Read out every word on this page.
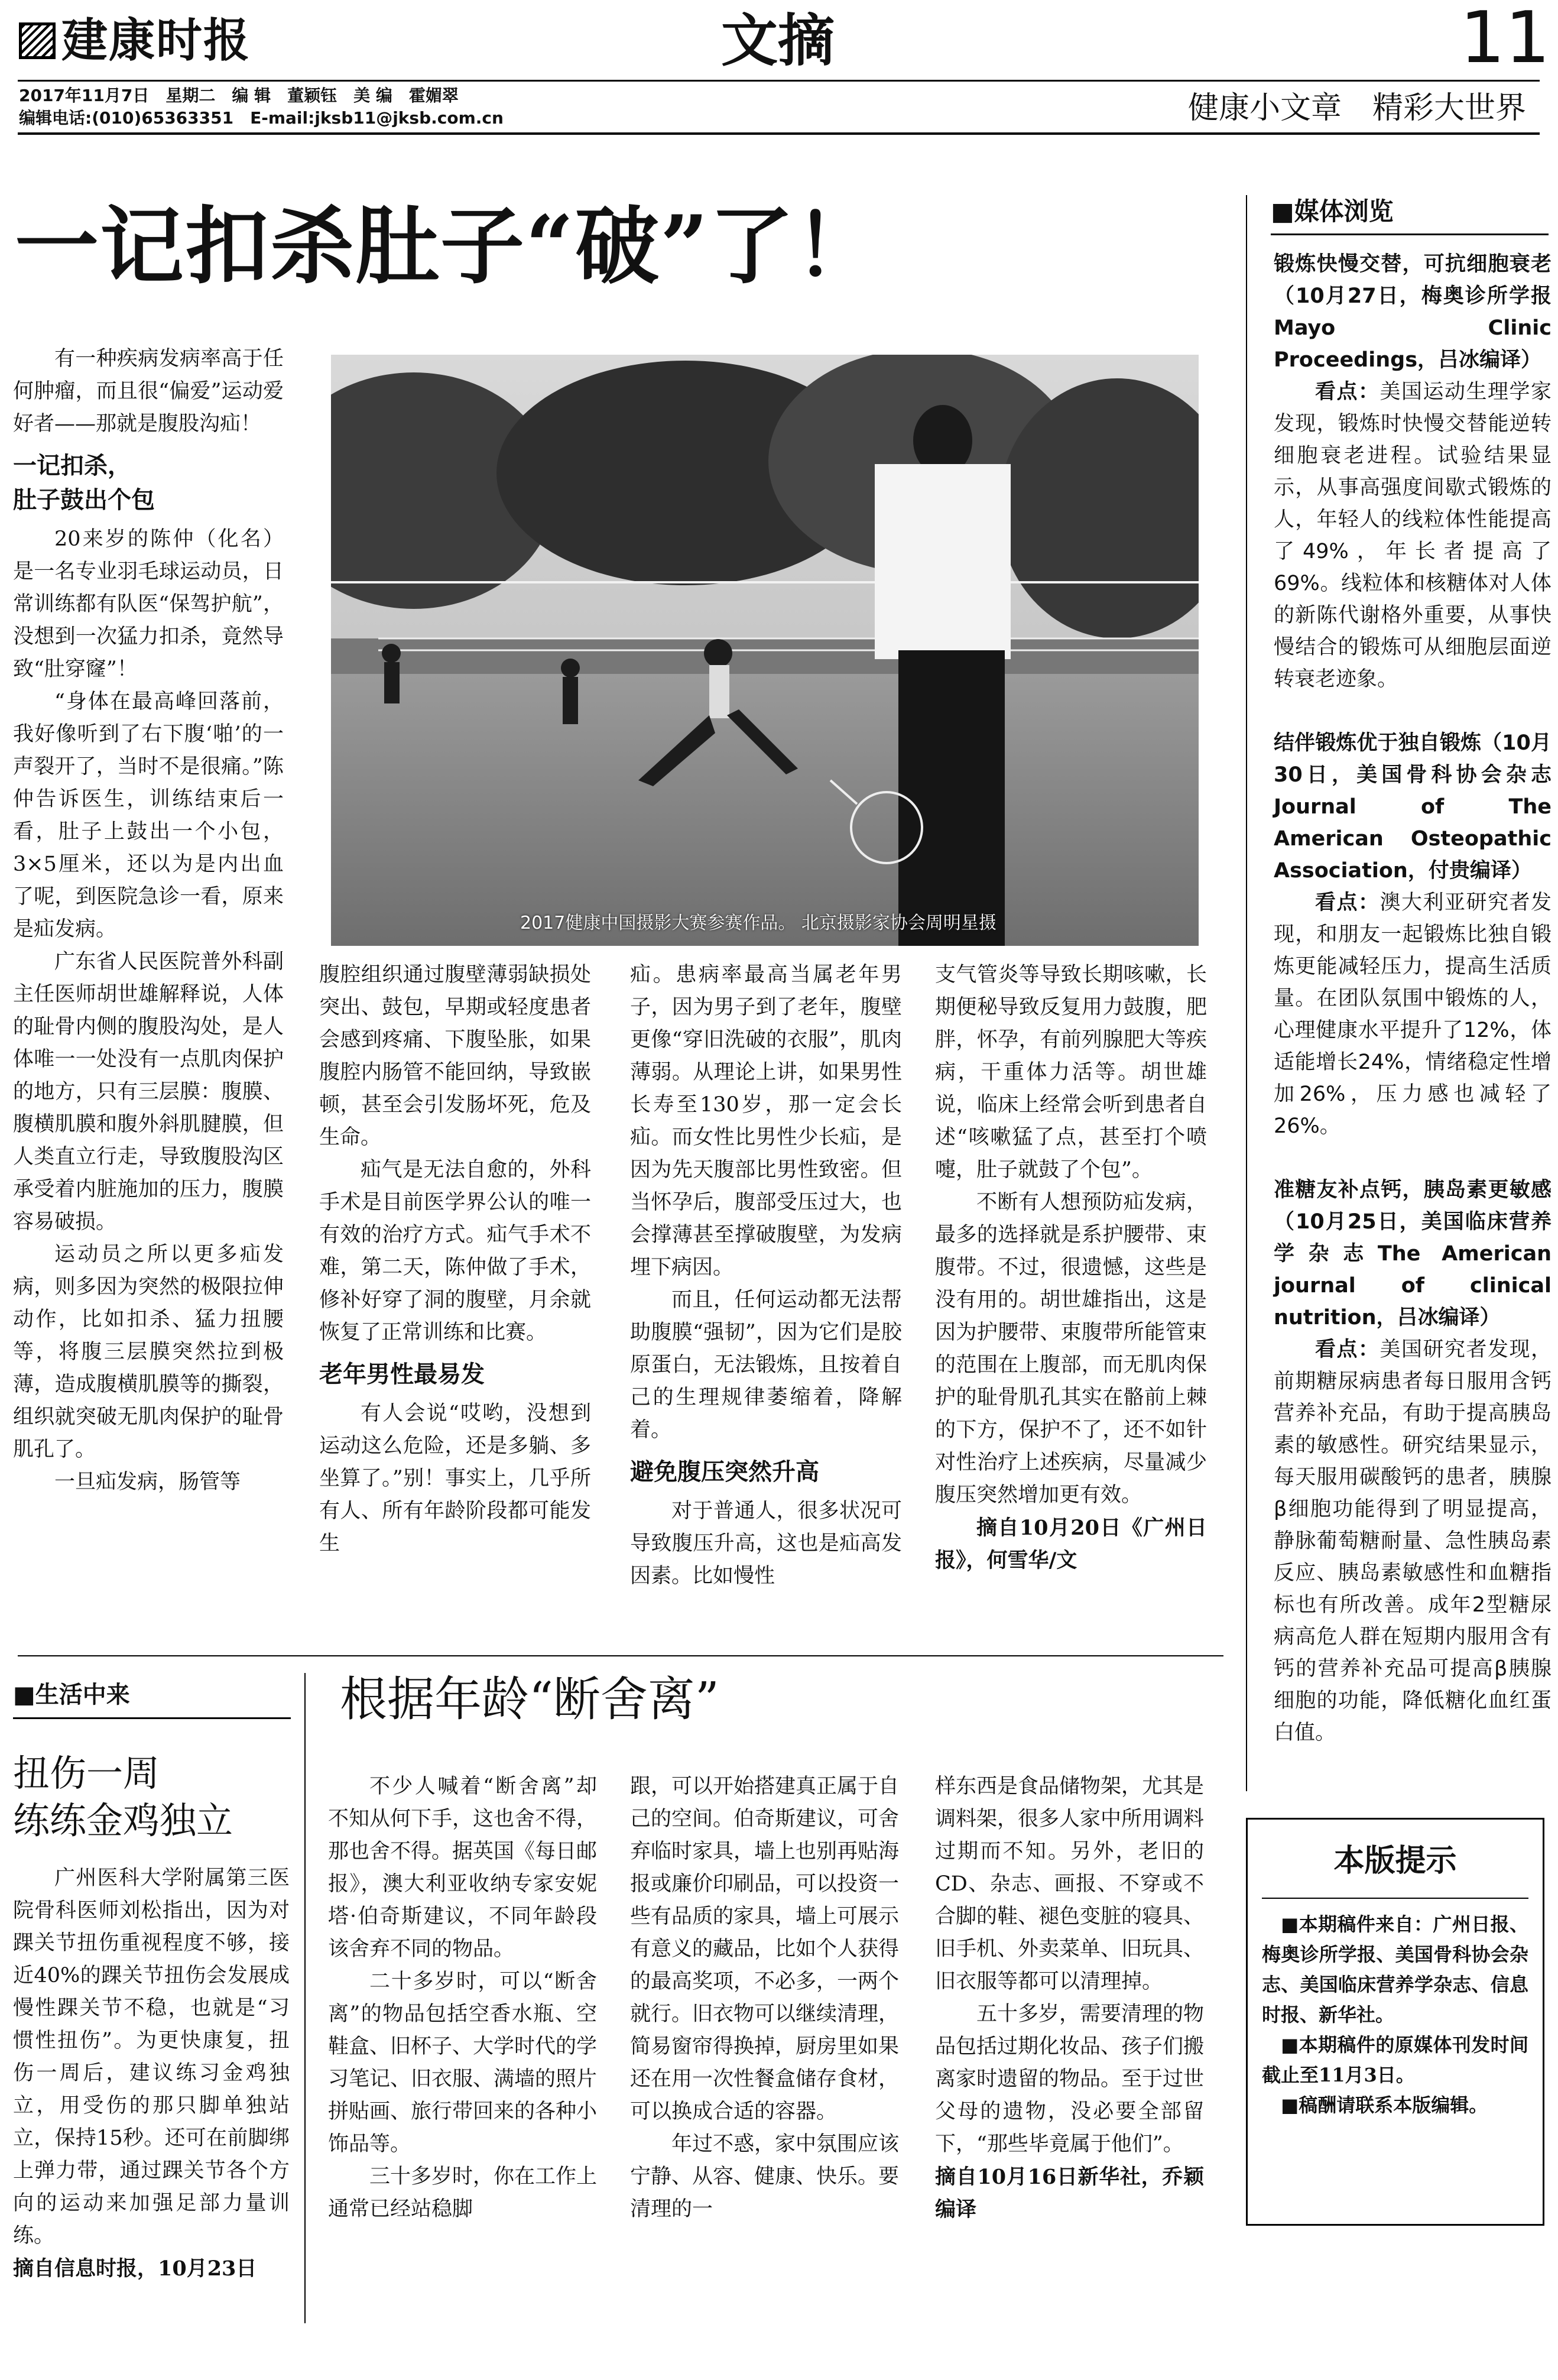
建康时报	文摘	11
2017年11月7日　星期二　编 辑　董颖钰　美 编　霍媚翠
编辑电话:(010)65363351　E-mail:jksb11@jksb.com.cn	健康小文章　精彩大世界
一记扣杀肚子“破”了！

有一种疾病发病率高于任何肿瘤，而且很“偏爱”运动爱好者——那就是腹股沟疝！

一记扣杀，
肚子鼓出个包

20来岁的陈仲（化名）是一名专业羽毛球运动员，日常训练都有队医“保驾护航”，没想到一次猛力扣杀，竟然导致“肚穿窿”！

“身体在最高峰回落前，我好像听到了右下腹‘啪’的一声裂开了，当时不是很痛。”陈仲告诉医生，训练结束后一看，肚子上鼓出一个小包，3×5厘米，还以为是内出血了呢，到医院急诊一看，原来是疝发病。

广东省人民医院普外科副主任医师胡世雄解释说，人体的耻骨内侧的腹股沟处，是人体唯一一处没有一点肌肉保护的地方，只有三层膜：腹膜、腹横肌膜和腹外斜肌腱膜，但人类直立行走，导致腹股沟区承受着内脏施加的压力，腹膜容易破损。

运动员之所以更多疝发病，则多因为突然的极限拉伸动作，比如扣杀、猛力扭腰等，将腹三层膜突然拉到极薄，造成腹横肌膜等的撕裂，组织就突破无肌肉保护的耻骨肌孔了。

一旦疝发病，肠管等

2017健康中国摄影大赛参赛作品。 北京摄影家协会周明星摄

腹腔组织通过腹壁薄弱缺损处突出、鼓包，早期或轻度患者会感到疼痛、下腹坠胀，如果腹腔内肠管不能回纳，导致嵌顿，甚至会引发肠坏死，危及生命。

疝气是无法自愈的，外科手术是目前医学界公认的唯一有效的治疗方式。疝气手术不难，第二天，陈仲做了手术，修补好穿了洞的腹壁，月余就恢复了正常训练和比赛。

老年男性最易发

有人会说“哎哟，没想到运动这么危险，还是多躺、多坐算了。”别！事实上，几乎所有人、所有年龄阶段都可能发生

疝。患病率最高当属老年男子，因为男子到了老年，腹壁更像“穿旧洗破的衣服”，肌肉薄弱。从理论上讲，如果男性长寿至130岁，那一定会长疝。而女性比男性少长疝，是因为先天腹部比男性致密。但当怀孕后，腹部受压过大，也会撑薄甚至撑破腹壁，为发病埋下病因。

而且，任何运动都无法帮助腹膜“强韧”，因为它们是胶原蛋白，无法锻炼，且按着自己的生理规律萎缩着，降解着。

避免腹压突然升高

对于普通人，很多状况可导致腹压升高，这也是疝高发因素。比如慢性

支气管炎等导致长期咳嗽，长期便秘导致反复用力鼓腹，肥胖，怀孕，有前列腺肥大等疾病，干重体力活等。胡世雄说，临床上经常会听到患者自述“咳嗽猛了点，甚至打个喷嚏，肚子就鼓了个包”。

不断有人想预防疝发病，最多的选择就是系护腰带、束腹带。不过，很遗憾，这些是没有用的。胡世雄指出，这是因为护腰带、束腹带所能管束的范围在上腹部，而无肌肉保护的耻骨肌孔其实在骼前上棘的下方，保护不了，还不如针对性治疗上述疾病，尽量减少腹压突然增加更有效。

摘自10月20日《广州日报》，何雪华/文

■生活中来
扭伤一周
练练金鸡独立

广州医科大学附属第三医院骨科医师刘松指出，因为对踝关节扭伤重视程度不够，接近40%的踝关节扭伤会发展成慢性踝关节不稳，也就是“习惯性扭伤”。为更快康复，扭伤一周后，建议练习金鸡独立，用受伤的那只脚单独站立，保持15秒。还可在前脚绑上弹力带，通过踝关节各个方向的运动来加强足部力量训练。

摘自信息时报，10月23日

根据年龄“断舍离”

不少人喊着“断舍离”却不知从何下手，这也舍不得，那也舍不得。据英国《每日邮报》，澳大利亚收纳专家安妮塔·伯奇斯建议，不同年龄段该舍弃不同的物品。

二十多岁时，可以“断舍离”的物品包括空香水瓶、空鞋盒、旧杯子、大学时代的学习笔记、旧衣服、满墙的照片拼贴画、旅行带回来的各种小饰品等。

三十多岁时，你在工作上通常已经站稳脚

跟，可以开始搭建真正属于自己的空间。伯奇斯建议，可舍弃临时家具，墙上也别再贴海报或廉价印刷品，可以投资一些有品质的家具，墙上可展示有意义的藏品，比如个人获得的最高奖项，不必多，一两个就行。旧衣物可以继续清理，简易窗帘得换掉，厨房里如果还在用一次性餐盒储存食材，可以换成合适的容器。

年过不惑，家中氛围应该宁静、从容、健康、快乐。要清理的一

样东西是食品储物架，尤其是调料架，很多人家中所用调料过期而不知。另外，老旧的CD、杂志、画报、不穿或不合脚的鞋、褪色变脏的寝具、旧手机、外卖菜单、旧玩具、旧衣服等都可以清理掉。

五十多岁，需要清理的物品包括过期化妆品、孩子们搬离家时遗留的物品。至于过世父母的遗物，没必要全部留下，“那些毕竟属于他们”。

摘自10月16日新华社，乔颖编译

■媒体浏览

锻炼快慢交替，可抗细胞衰老（10月27日，梅奥诊所学报Mayo Clinic Proceedings，吕冰编译）

看点：美国运动生理学家发现，锻炼时快慢交替能逆转细胞衰老进程。试验结果显示，从事高强度间歇式锻炼的人，年轻人的线粒体性能提高了49%，年长者提高了69%。线粒体和核糖体对人体的新陈代谢格外重要，从事快慢结合的锻炼可从细胞层面逆转衰老迹象。

结伴锻炼优于独自锻炼（10月30日，美国骨科协会杂志Journal of The American Osteopathic Association，付贵编译）

看点：澳大利亚研究者发现，和朋友一起锻炼比独自锻炼更能减轻压力，提高生活质量。在团队氛围中锻炼的人，心理健康水平提升了12%，体适能增长24%，情绪稳定性增加26%，压力感也减轻了26%。

准糖友补点钙，胰岛素更敏感（10月25日，美国临床营养学杂志The American journal of clinical nutrition，吕冰编译）

看点：美国研究者发现，前期糖尿病患者每日服用含钙营养补充品，有助于提高胰岛素的敏感性。研究结果显示，每天服用碳酸钙的患者，胰腺β细胞功能得到了明显提高，静脉葡萄糖耐量、急性胰岛素反应、胰岛素敏感性和血糖指标也有所改善。成年2型糖尿病高危人群在短期内服用含有钙的营养补充品可提高β胰腺细胞的功能，降低糖化血红蛋白值。

本版提示

■本期稿件来自：广州日报、梅奥诊所学报、美国骨科协会杂志、美国临床营养学杂志、信息时报、新华社。

■本期稿件的原媒体刊发时间截止至11月3日。

■稿酬请联系本版编辑。
